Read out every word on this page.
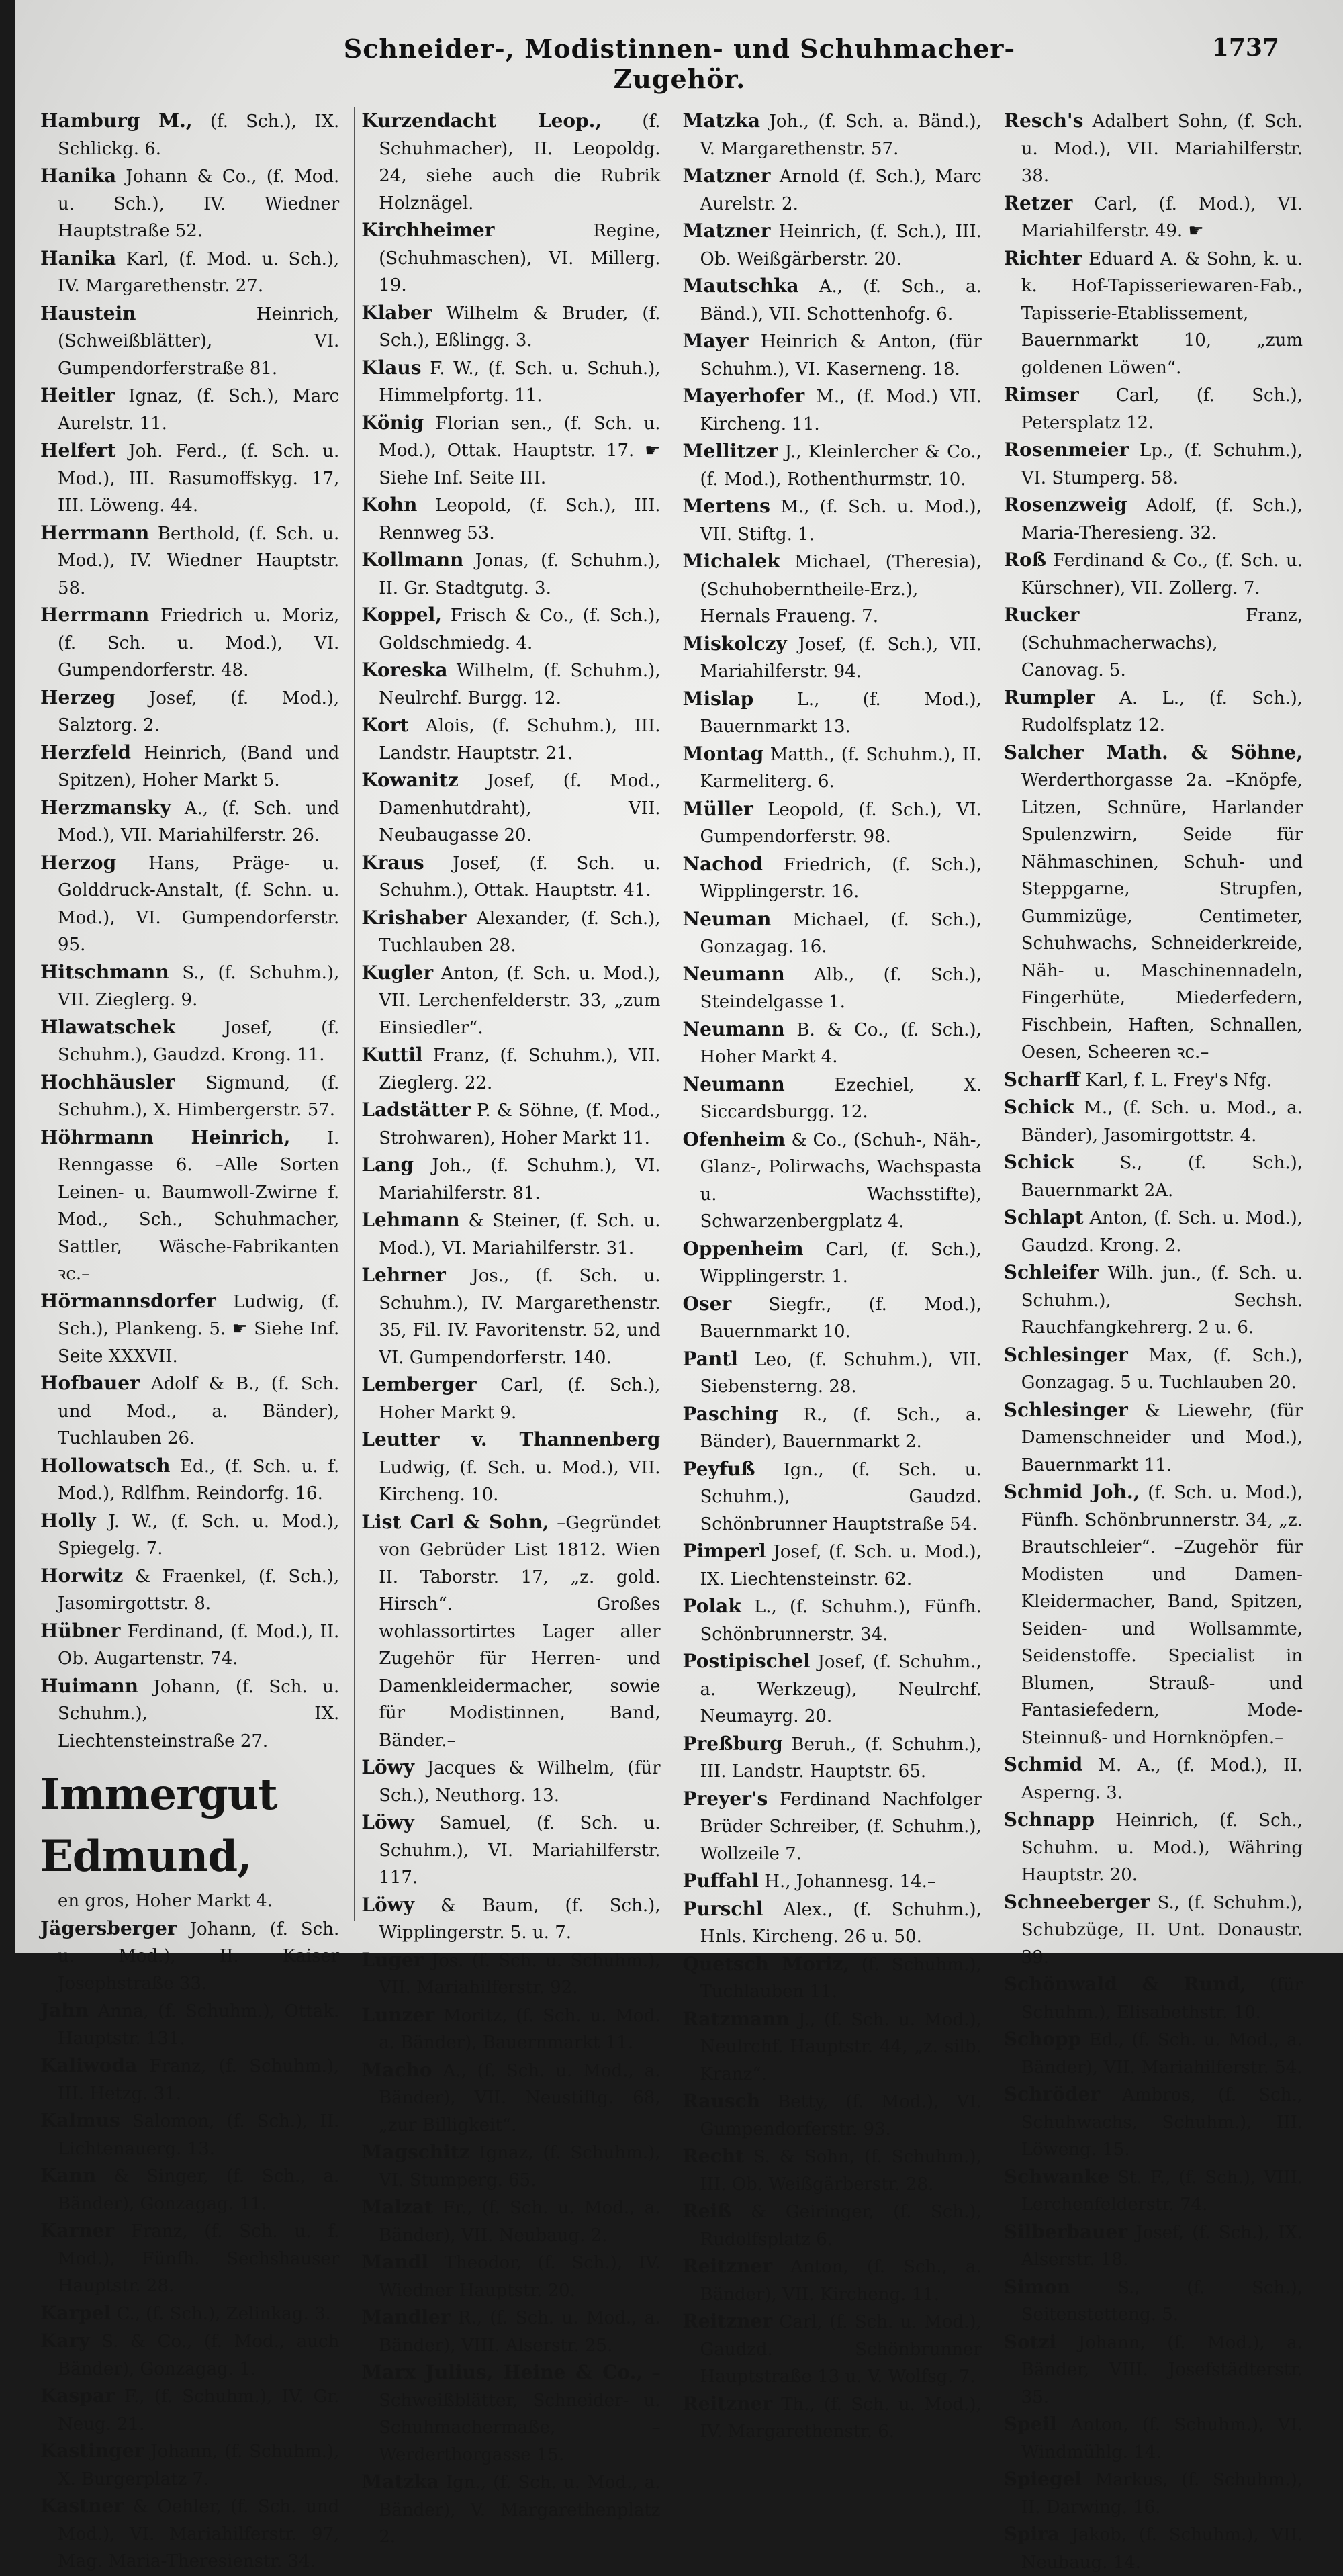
Schneider-, Modistinnen- und Schuhmacher-Zugehör.
1737

Hamburg M., (f. Sch.), IX. Schlickg. 6.

Hanika Johann & Co., (f. Mod. u. Sch.), IV. Wiedner Hauptstraße 52.

Hanika Karl, (f. Mod. u. Sch.), IV. Margarethenstr. 27.

Haustein Heinrich, (Schweißblätter), VI. Gumpendorferstraße 81.

Heitler Ignaz, (f. Sch.), Marc Aurelstr. 11.

Helfert Joh. Ferd., (f. Sch. u. Mod.), III. Rasumoffskyg. 17, III. Löweng. 44.

Herrmann Berthold, (f. Sch. u. Mod.), IV. Wiedner Hauptstr. 58.

Herrmann Friedrich u. Moriz, (f. Sch. u. Mod.), VI. Gumpendorferstr. 48.

Herzeg Josef, (f. Mod.), Salztorg. 2.

Herzfeld Heinrich, (Band und Spitzen), Hoher Markt 5.

Herzmansky A., (f. Sch. und Mod.), VII. Mariahilferstr. 26.

Herzog Hans, Präge- u. Golddruck-Anstalt, (f. Schn. u. Mod.), VI. Gumpendorferstr. 95.

Hitschmann S., (f. Schuhm.), VII. Zieglerg. 9.

Hlawatschek Josef, (f. Schuhm.), Gaudzd. Krong. 11.

Hochhäusler Sigmund, (f. Schuhm.), X. Himbergerstr. 57.

Höhrmann Heinrich, I. Renngasse 6. –Alle Sorten Leinen- u. Baumwoll-Zwirne f. Mod., Sch., Schuhmacher, Sattler, Wäsche-Fabrikanten ꝛc.–

Hörmannsdorfer Ludwig, (f. Sch.), Plankeng. 5. ☛ Siehe Inf. Seite XXXVII.

Hofbauer Adolf & B., (f. Sch. und Mod., a. Bänder), Tuchlauben 26.

Hollowatsch Ed., (f. Sch. u. f. Mod.), Rdlfhm. Reindorfg. 16.

Holly J. W., (f. Sch. u. Mod.), Spiegelg. 7.

Horwitz & Fraenkel, (f. Sch.), Jasomirgottstr. 8.

Hübner Ferdinand, (f. Mod.), II. Ob. Augartenstr. 74.

Huimann Johann, (f. Sch. u. Schuhm.), IX. Liechtensteinstraße 27.

Immergut Edmund,
en gros, Hoher Markt 4.

Jägersberger Johann, (f. Sch. u. Mod.), II. Kaiser Josephstraße 33.

Jahn Anna, (f. Schuhm.), Ottak. Hauptstr. 131.

Kaliwoda Franz, (f. Schuhm.), III. Hetzg. 31.

Kalmus Salomon, (f. Sch.), II. Lichtenauerg. 13.

Kann & Singer, (f. Sch., a. Bänder), Gonzagag. 11.

Karner Franz, (f. Sch. u. f. Mod.), Fünfh. Sechshauser Hauptstr. 28.

Karpel C., (f. Sch.), Zelinkag. 3.

Kary S. & Co., (f. Mod., auch Bänder), Gonzagag. 1.

Kaspar F., (f. Schuhm.), IV. Gr. Neug. 21.

Kastinger Johann, (f. Schuhm.), X. Burgerplatz 7.

Kastner & Oehler, (f. Sch. und Mod.), VI. Mariahilferstr. 97, Mag. Maria-Theresienstr. 34.

Kurzendacht Leop., (f. Schuhmacher), II. Leopoldg. 24, siehe auch die Rubrik Holznägel.

Kirchheimer Regine, (Schuhmaschen), VI. Millerg. 19.

Klaber Wilhelm & Bruder, (f. Sch.), Eßlingg. 3.

Klaus F. W., (f. Sch. u. Schuh.), Himmelpfortg. 11.

König Florian sen., (f. Sch. u. Mod.), Ottak. Hauptstr. 17. ☛ Siehe Inf. Seite III.

Kohn Leopold, (f. Sch.), III. Rennweg 53.

Kollmann Jonas, (f. Schuhm.), II. Gr. Stadtgutg. 3.

Koppel, Frisch & Co., (f. Sch.), Goldschmiedg. 4.

Koreska Wilhelm, (f. Schuhm.), Neulrchf. Burgg. 12.

Kort Alois, (f. Schuhm.), III. Landstr. Hauptstr. 21.

Kowanitz Josef, (f. Mod., Damenhutdraht), VII. Neubaugasse 20.

Kraus Josef, (f. Sch. u. Schuhm.), Ottak. Hauptstr. 41.

Krishaber Alexander, (f. Sch.), Tuchlauben 28.

Kugler Anton, (f. Sch. u. Mod.), VII. Lerchenfelderstr. 33, „zum Einsiedler“.

Kuttil Franz, (f. Schuhm.), VII. Zieglerg. 22.

Ladstätter P. & Söhne, (f. Mod., Strohwaren), Hoher Markt 11.

Lang Joh., (f. Schuhm.), VI. Mariahilferstr. 81.

Lehmann & Steiner, (f. Sch. u. Mod.), VI. Mariahilferstr. 31.

Lehrner Jos., (f. Sch. u. Schuhm.), IV. Margarethenstr. 35, Fil. IV. Favoritenstr. 52, und VI. Gumpendorferstr. 140.

Lemberger Carl, (f. Sch.), Hoher Markt 9.

Leutter v. Thannenberg Ludwig, (f. Sch. u. Mod.), VII. Kircheng. 10.

List Carl & Sohn, –Gegründet von Gebrüder List 1812. Wien II. Taborstr. 17, „z. gold. Hirsch“. Großes wohlassortirtes Lager aller Zugehör für Herren- und Damenkleidermacher, sowie für Modistinnen, Band, Bänder.–

Löwy Jacques & Wilhelm, (für Sch.), Neuthorg. 13.

Löwy Samuel, (f. Sch. u. Schuhm.), VI. Mariahilferstr. 117.

Löwy & Baum, (f. Sch.), Wipplingerstr. 5. u. 7.

Luger Jos. (f. Sch. u. Schuhm.), VII. Mariahilferstr. 92.

Lunzer Moritz, (f. Sch. u. Mod. a. Bänder), Bauernmarkt 11.

Macho A., (f. Sch. u. Mod., a. Bänder), VII. Neustiftg. 68, „zur Billigkeit“.

Magschitz Ignaz, (f. Schuhm.), VI. Stumperg. 65.

Malzat Fr., (f. Sch. u. Mod., a. Bänder), VII. Neubaug. 2.

Mandl Theodor, (f. Sch.), IV. Wiedner Hauptstr. 20.

Mandler R., (f. Sch. u. Mod., a. Bänder), VIII. Alserstr. 25.

Marx Julius, Heine & Co., –Schweißblätter, Schneider- u. Schuhmachermaße, – Werderthorgasse 15.

Matzka Ign., (f. Sch. u. Mod., a. Bänder), V. Margarethenplatz 2.

Matzka Joh., (f. Sch. a. Bänd.), V. Margarethenstr. 57.

Matzner Arnold (f. Sch.), Marc Aurelstr. 2.

Matzner Heinrich, (f. Sch.), III. Ob. Weißgärberstr. 20.

Mautschka A., (f. Sch., a. Bänd.), VII. Schottenhofg. 6.

Mayer Heinrich & Anton, (für Schuhm.), VI. Kaserneng. 18.

Mayerhofer M., (f. Mod.) VII. Kircheng. 11.

Mellitzer J., Kleinlercher & Co., (f. Mod.), Rothenthurmstr. 10.

Mertens M., (f. Sch. u. Mod.), VII. Stiftg. 1.

Michalek Michael, (Theresia), (Schuhoberntheile-Erz.), Hernals Fraueng. 7.

Miskolczy Josef, (f. Sch.), VII. Mariahilferstr. 94.

Mislap L., (f. Mod.), Bauernmarkt 13.

Montag Matth., (f. Schuhm.), II. Karmeliterg. 6.

Müller Leopold, (f. Sch.), VI. Gumpendorferstr. 98.

Nachod Friedrich, (f. Sch.), Wipplingerstr. 16.

Neuman Michael, (f. Sch.), Gonzagag. 16.

Neumann Alb., (f. Sch.), Steindelgasse 1.

Neumann B. & Co., (f. Sch.), Hoher Markt 4.

Neumann Ezechiel, X. Siccardsburgg. 12.

Ofenheim & Co., (Schuh-, Näh-, Glanz-, Polirwachs, Wachspasta u. Wachsstifte), Schwarzenbergplatz 4.

Oppenheim Carl, (f. Sch.), Wipplingerstr. 1.

Oser Siegfr., (f. Mod.), Bauernmarkt 10.

Pantl Leo, (f. Schuhm.), VII. Siebensterng. 28.

Pasching R., (f. Sch., a. Bänder), Bauernmarkt 2.

Peyfuß Ign., (f. Sch. u. Schuhm.), Gaudzd. Schönbrunner Hauptstraße 54.

Pimperl Josef, (f. Sch. u. Mod.), IX. Liechtensteinstr. 62.

Polak L., (f. Schuhm.), Fünfh. Schönbrunnerstr. 34.

Postipischel Josef, (f. Schuhm., a. Werkzeug), Neulrchf. Neumayrg. 20.

Preßburg Beruh., (f. Schuhm.), III. Landstr. Hauptstr. 65.

Preyer's Ferdinand Nachfolger Brüder Schreiber, (f. Schuhm.), Wollzeile 7.

Puffahl H., Johannesg. 14.–

Purschl Alex., (f. Schuhm.), Hnls. Kircheng. 26 u. 50.

Quetsch Moriz, (f. Schuhm.), Tuchlauben 11.

Ratzmann J., (f. Sch. u. Mod.), Neulrchf. Hauptstr. 44, „z. silb. Kranz“.

Rausch Betty, (f. Mod.), VI. Gumpendorferstr. 93.

Recht S. & Sohn, (f. Schuhm.), III. Ob. Weißgärberstr. 28.

Reiß & Geiringer, (f. Sch.), Rudolfsplatz 6.

Reitzner Anton, (f. Sch., a. Bänder), VII. Kircheng. 11.

Reitzner Carl, (f. Sch. u. Mod.), Gaudzd. Schönbrunner Hauptstraße 13 u. V. Wolfsg. 7.

Reitzner Th., (f. Sch. u. Mod.), IV. Margarethenstr. 6.

Resch's Adalbert Sohn, (f. Sch. u. Mod.), VII. Mariahilferstr. 38.

Retzer Carl, (f. Mod.), VI. Mariahilferstr. 49. ☛

Richter Eduard A. & Sohn, k. u. k. Hof-Tapisseriewaren-Fab., Tapisserie-Etablissement, Bauernmarkt 10, „zum goldenen Löwen“.

Rimser Carl, (f. Sch.), Petersplatz 12.

Rosenmeier Lp., (f. Schuhm.), VI. Stumperg. 58.

Rosenzweig Adolf, (f. Sch.), Maria-Theresieng. 32.

Roß Ferdinand & Co., (f. Sch. u. Kürschner), VII. Zollerg. 7.

Rucker Franz, (Schuhmacherwachs), Canovag. 5.

Rumpler A. L., (f. Sch.), Rudolfsplatz 12.

Salcher Math. & Söhne, Werderthorgasse 2a. –Knöpfe, Litzen, Schnüre, Harlander Spulenzwirn, Seide für Nähmaschinen, Schuh- und Steppgarne, Strupfen, Gummizüge, Centimeter, Schuhwachs, Schneiderkreide, Näh- u. Maschinennadeln, Fingerhüte, Miederfedern, Fischbein, Haften, Schnallen, Oesen, Scheeren ꝛc.–

Scharff Karl, f. L. Frey's Nfg.

Schick M., (f. Sch. u. Mod., a. Bänder), Jasomirgottstr. 4.

Schick S., (f. Sch.), Bauernmarkt 2A.

Schlapt Anton, (f. Sch. u. Mod.), Gaudzd. Krong. 2.

Schleifer Wilh. jun., (f. Sch. u. Schuhm.), Sechsh. Rauchfangkehrerg. 2 u. 6.

Schlesinger Max, (f. Sch.), Gonzagag. 5 u. Tuchlauben 20.

Schlesinger & Liewehr, (für Damenschneider und Mod.), Bauernmarkt 11.

Schmid Joh., (f. Sch. u. Mod.), Fünfh. Schönbrunnerstr. 34, „z. Brautschleier“. –Zugehör für Modisten und Damen-Kleidermacher, Band, Spitzen, Seiden- und Wollsammte, Seidenstoffe. Specialist in Blumen, Strauß- und Fantasiefedern, Mode-Steinnuß- und Hornknöpfen.–

Schmid M. A., (f. Mod.), II. Asperng. 3.

Schnapp Heinrich, (f. Sch., Schuhm. u. Mod.), Währing Hauptstr. 20.

Schneeberger S., (f. Schuhm.), Schubzüge, II. Unt. Donaustr. 39.

Schönwald & Rund, (für Schuhm.), Elisabethstr. 10.

Schopp Ed., (f. Sch. u. Mod., a. Bänder), VII. Mariahilferstr. 54.

Schröder Ambros, (f. Sch., Schuhwachs, Schuhm.), III. Löweng. 15.

Schwanke St. F., (f. Sch.), VIII. Lerchenfelderstr. 74.

Silberbauer Josef, (f. Sch.), IX. Alserstr. 18.

Simon S., (f. Sch.), Seitenstetteng. 5.

Sotzi Johann, (f. Mod.), a. Bänder, VIII. Josefstädterstr. 35.

Speil Anton, (f. Schuhm.), VI. Windmühlg. 14.

Spiegel Markus, (f. Schuhm.), II. Darwing. 16.

Spira Jakob, (f. Schuhm.), VII. Neubaug. 14.
